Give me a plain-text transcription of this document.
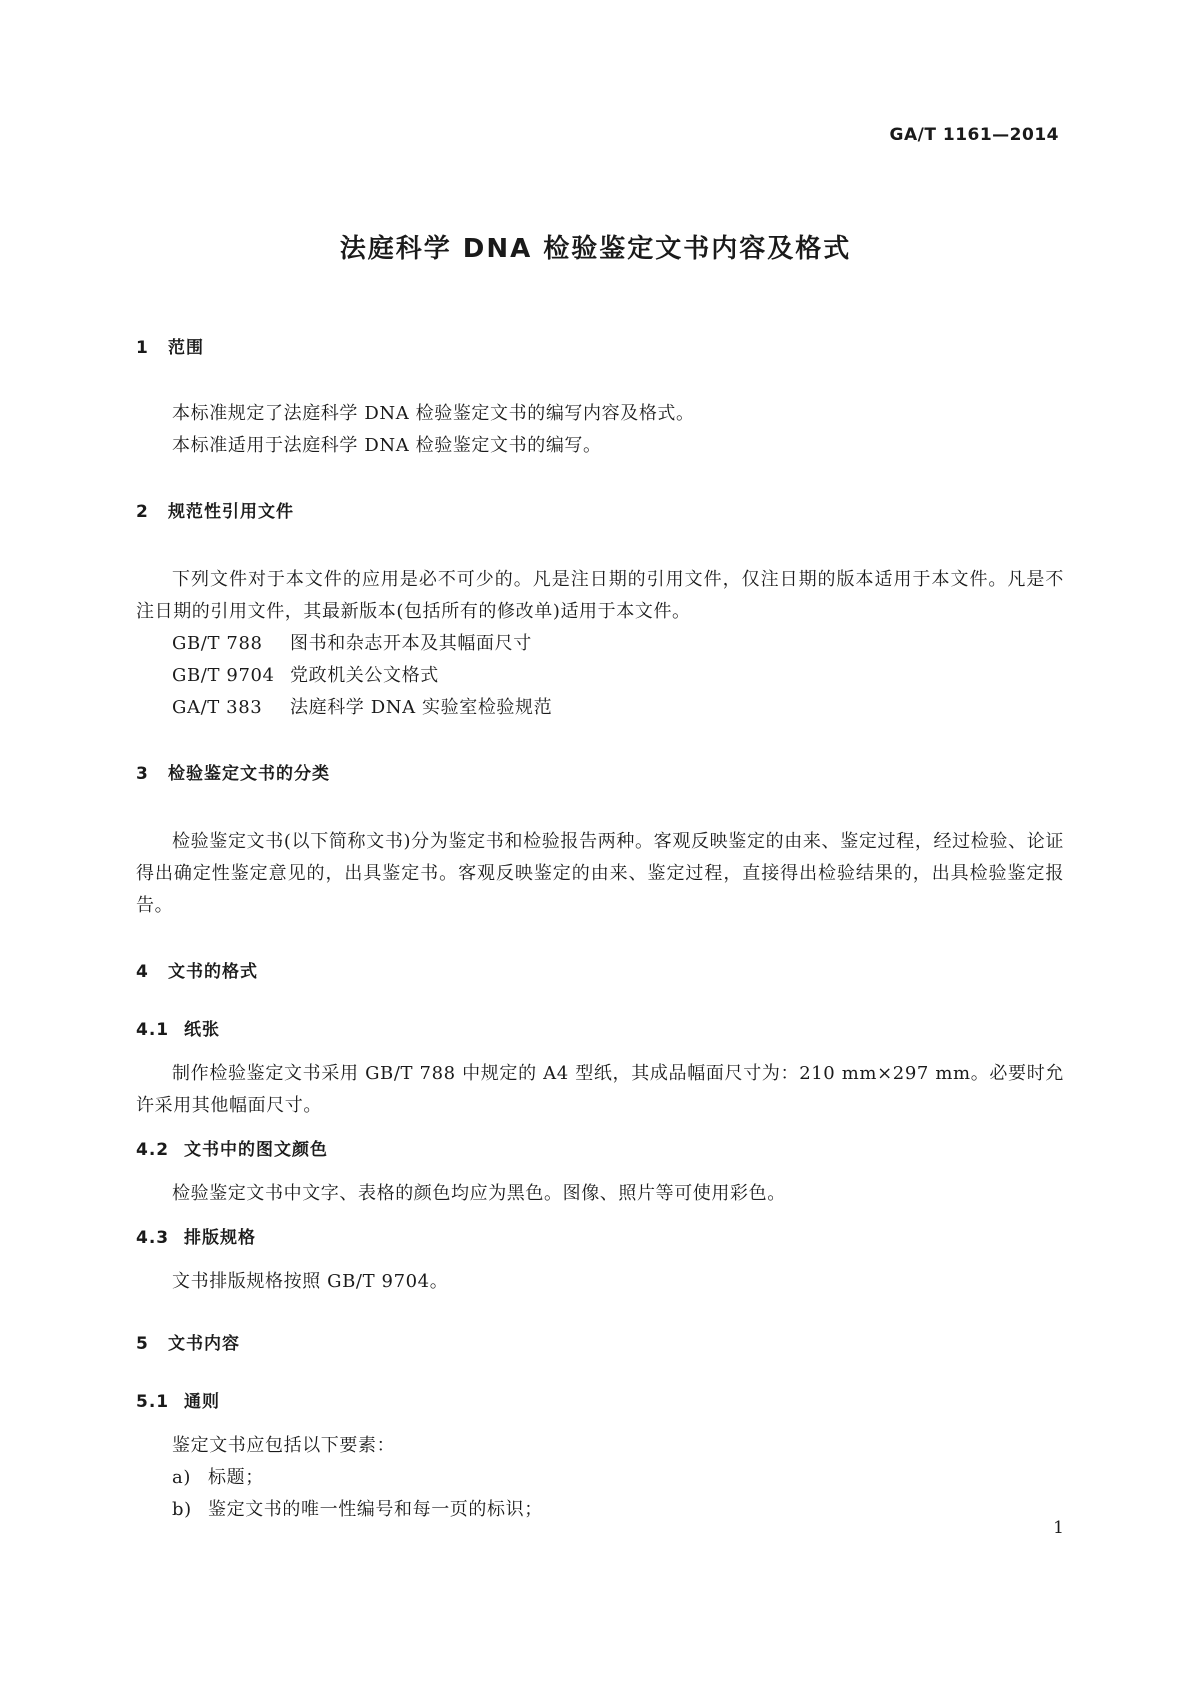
GA/T 1161—2014
法庭科学 DNA 检验鉴定文书内容及格式
1 范围

本标准规定了法庭科学 DNA 检验鉴定文书的编写内容及格式。

本标准适用于法庭科学 DNA 检验鉴定文书的编写。

2 规范性引用文件

下列文件对于本文件的应用是必不可少的。凡是注日期的引用文件，仅注日期的版本适用于本文件。凡是不注日期的引用文件，其最新版本(包括所有的修改单)适用于本文件。

GB/T 788 图书和杂志开本及其幅面尺寸

GB/T 9704 党政机关公文格式

GA/T 383 法庭科学 DNA 实验室检验规范

3 检验鉴定文书的分类

检验鉴定文书(以下简称文书)分为鉴定书和检验报告两种。客观反映鉴定的由来、鉴定过程，经过检验、论证得出确定性鉴定意见的，出具鉴定书。客观反映鉴定的由来、鉴定过程，直接得出检验结果的，出具检验鉴定报告。

4 文书的格式
4.1 纸张

制作检验鉴定文书采用 GB/T 788 中规定的 A4 型纸，其成品幅面尺寸为：210 mm×297 mm。必要时允许采用其他幅面尺寸。

4.2 文书中的图文颜色

检验鉴定文书中文字、表格的颜色均应为黑色。图像、照片等可使用彩色。

4.3 排版规格

文书排版规格按照 GB/T 9704。

5 文书内容
5.1 通则

鉴定文书应包括以下要素：

a) 标题；

b) 鉴定文书的唯一性编号和每一页的标识；

1
